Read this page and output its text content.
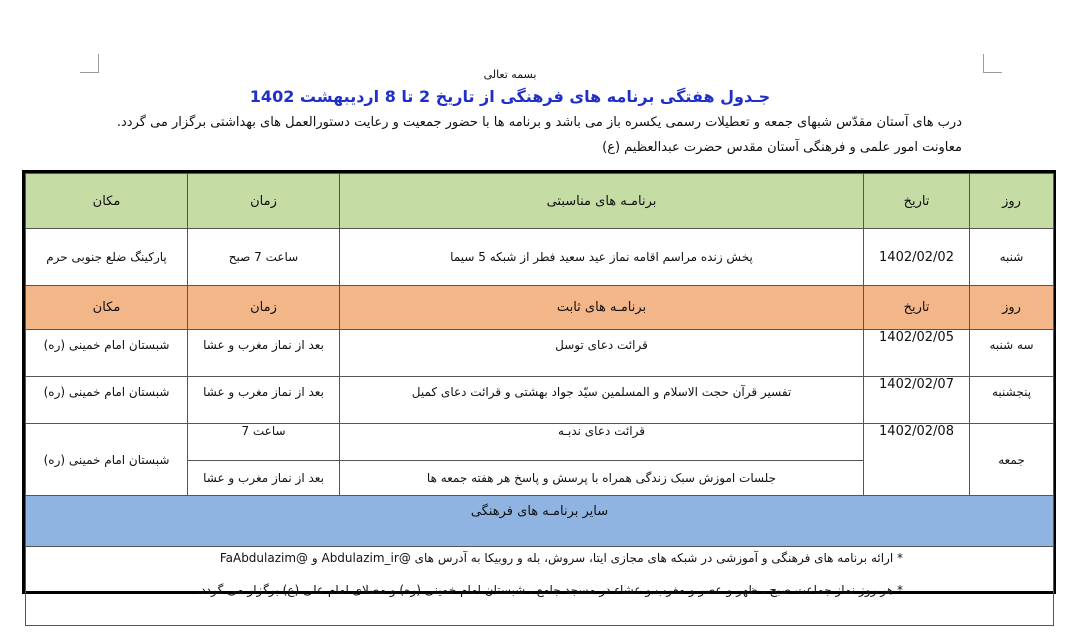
بسمه تعالی
جـدول هفتگی برنامه های فرهنگی از تاریخ 2 تا 8 اردیبهشت 1402
درب های آستان مقدّس شبهای جمعه و تعطیلات رسمی یکسره باز می باشد و برنامه ها با حضور جمعیت و رعایت دستورالعمل های بهداشتی برگزار می گردد.
معاونت امور علمی و فرهنگی آستان مقدس حضرت عبدالعظیم (ع)
روز	تاریخ	برنامـه های مناسبتی	زمان	مکان
شنبه	1402/02/02	پخش زنده مراسم اقامه نماز عید سعید فطر از شبکه 5 سیما	ساعت 7 صبح	پارکینگ ضلع جنوبی حرم
روز	تاریخ	برنامـه های ثابت	زمان	مکان
سه شنبه	1402/02/05	قرائت دعای توسل	بعد از نماز مغرب و عشا	شبستان امام خمینی (ره)
پنجشنبه	1402/02/07	تفسیر قرآن حجت الاسلام و المسلمین سیّد جواد بهشتی و قرائت دعای کمیل	بعد از نماز مغرب و عشا	شبستان امام خمینی (ره)
جمعه	1402/02/08	قرائت دعای ندبـه	ساعت 7	شبستان امام خمینی (ره)
		جلسات اموزش سبک زندگی همراه با پرسش و پاسخ هر هفته جمعه ها	بعد از نماز مغرب و عشا	
سایر برنامـه های فرهنگی				

* ارائه برنامه های فرهنگی و آموزشی در شبکه های مجازی ایتا، سروش، بله و روبیکا به آدرس های @Abdulazim_ir و @FaAbdulazim
* هر روز نماز جماعت صبح ، ظهر و عصر و مغرب و عشاء در مسجد جامع ، شبستان امام خمینی (ره) و مصلای امام علی (ع) برگزار می گردد.				
